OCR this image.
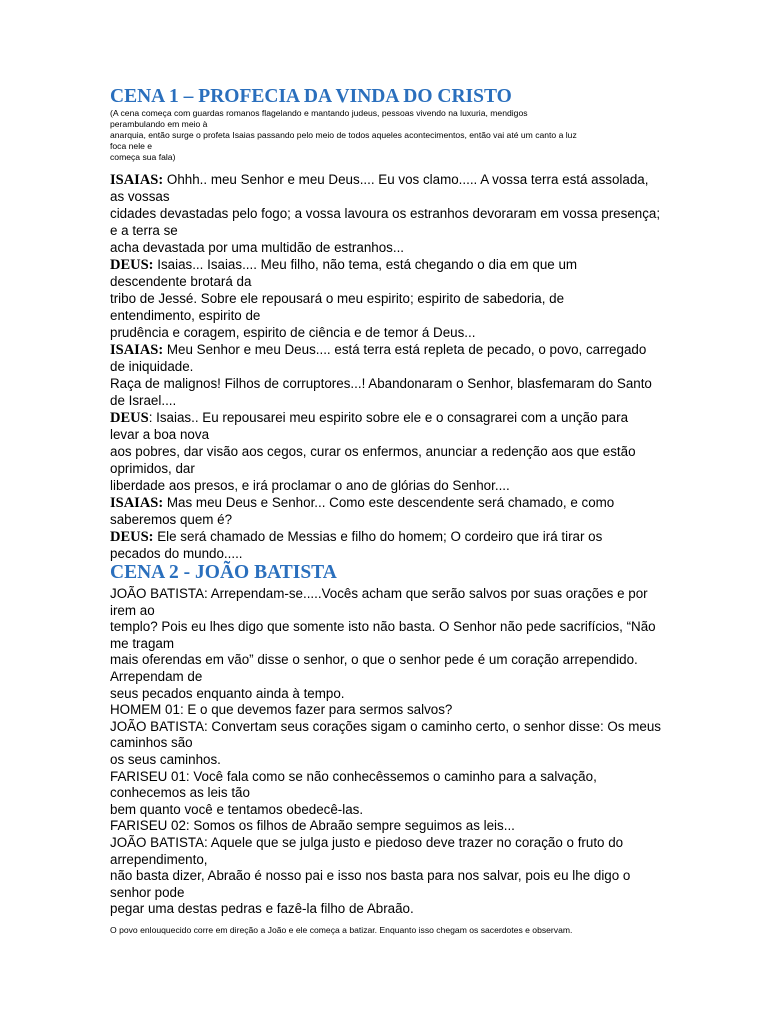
CENA 1 – PROFECIA DA VINDA DO CRISTO
(A cena começa com guardas romanos flagelando e mantando judeus, pessoas vivendo na luxuria, mendigos
perambulando em meio à
anarquia, então surge o profeta Isaias passando pelo meio de todos aqueles acontecimentos, então vai até um canto a luz
foca nele e
começa sua fala)
ISAIAS: Ohhh.. meu Senhor e meu Deus.... Eu vos clamo..... A vossa terra está assolada,
as vossas
cidades devastadas pelo fogo; a vossa lavoura os estranhos devoraram em vossa presença;
e a terra se
acha devastada por uma multidão de estranhos...
DEUS: Isaias... Isaias.... Meu filho, não tema, está chegando o dia em que um
descendente brotará da
tribo de Jessé. Sobre ele repousará o meu espirito; espirito de sabedoria, de
entendimento, espirito de
prudência e coragem, espirito de ciência e de temor á Deus...
ISAIAS: Meu Senhor e meu Deus.... está terra está repleta de pecado, o povo, carregado
de iniquidade.
Raça de malignos! Filhos de corruptores...! Abandonaram o Senhor, blasfemaram do Santo
de Israel....
DEUS: Isaias.. Eu repousarei meu espirito sobre ele e o consagrarei com a unção para
levar a boa nova
aos pobres, dar visão aos cegos, curar os enfermos, anunciar a redenção aos que estão
oprimidos, dar
liberdade aos presos, e irá proclamar o ano de glórias do Senhor....
ISAIAS: Mas meu Deus e Senhor... Como este descendente será chamado, e como
saberemos quem é?
DEUS: Ele será chamado de Messias e filho do homem; O cordeiro que irá tirar os
pecados do mundo.....
CENA 2 - JOÃO BATISTA
JOÃO BATISTA: Arrependam-se.....Vocês acham que serão salvos por suas orações e por
irem ao
templo? Pois eu lhes digo que somente isto não basta. O Senhor não pede sacrifícios, “Não
me tragam
mais oferendas em vão” disse o senhor, o que o senhor pede é um coração arrependido.
Arrependam de
seus pecados enquanto ainda à tempo.
HOMEM 01: E o que devemos fazer para sermos salvos?
JOÃO BATISTA: Convertam seus corações sigam o caminho certo, o senhor disse: Os meus
caminhos são
os seus caminhos.
FARISEU 01: Você fala como se não conhecêssemos o caminho para a salvação,
conhecemos as leis tão
bem quanto você e tentamos obedecê-las.
FARISEU 02: Somos os filhos de Abraão sempre seguimos as leis...
JOÃO BATISTA: Aquele que se julga justo e piedoso deve trazer no coração o fruto do
arrependimento,
não basta dizer, Abraão é nosso pai e isso nos basta para nos salvar, pois eu lhe digo o
senhor pode
pegar uma destas pedras e fazê-la filho de Abraão.
O povo enlouquecido corre em direção a João e ele começa a batizar. Enquanto isso chegam os sacerdotes e observam.
